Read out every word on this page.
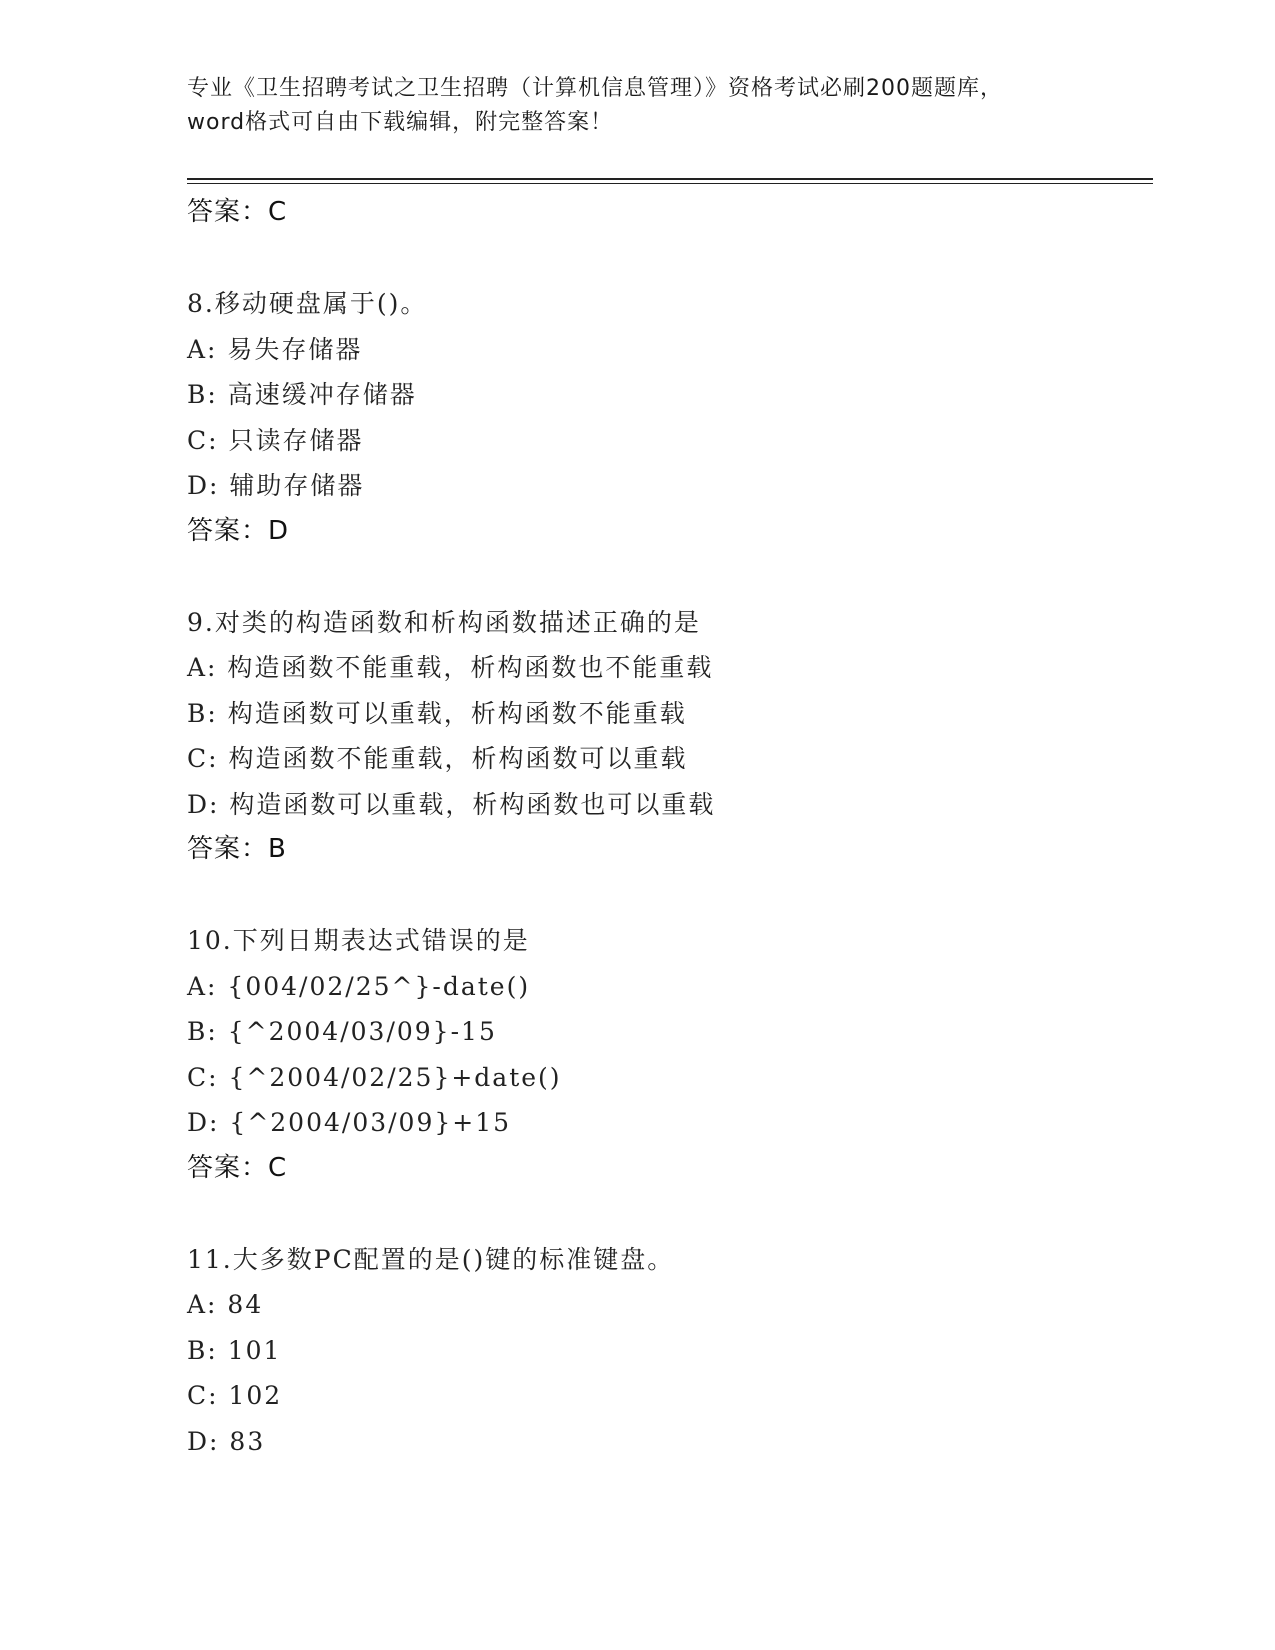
专业《卫生招聘考试之卫生招聘（计算机信息管理）》资格考试必刷200题题库，
word格式可自由下载编辑，附完整答案！
答案：C
8.移动硬盘属于()。
A: 易失存储器
B: 高速缓冲存储器
C: 只读存储器
D: 辅助存储器
答案：D
9.对类的构造函数和析构函数描述正确的是
A: 构造函数不能重载，析构函数也不能重载
B: 构造函数可以重载，析构函数不能重载
C: 构造函数不能重载，析构函数可以重载
D: 构造函数可以重载，析构函数也可以重载
答案：B
10.下列日期表达式错误的是
A: {004/02/25^}-date()
B: {^2004/03/09}-15
C: {^2004/02/25}+date()
D: {^2004/03/09}+15
答案：C
11.大多数PC配置的是()键的标准键盘。
A: 84
B: 101
C: 102
D: 83
